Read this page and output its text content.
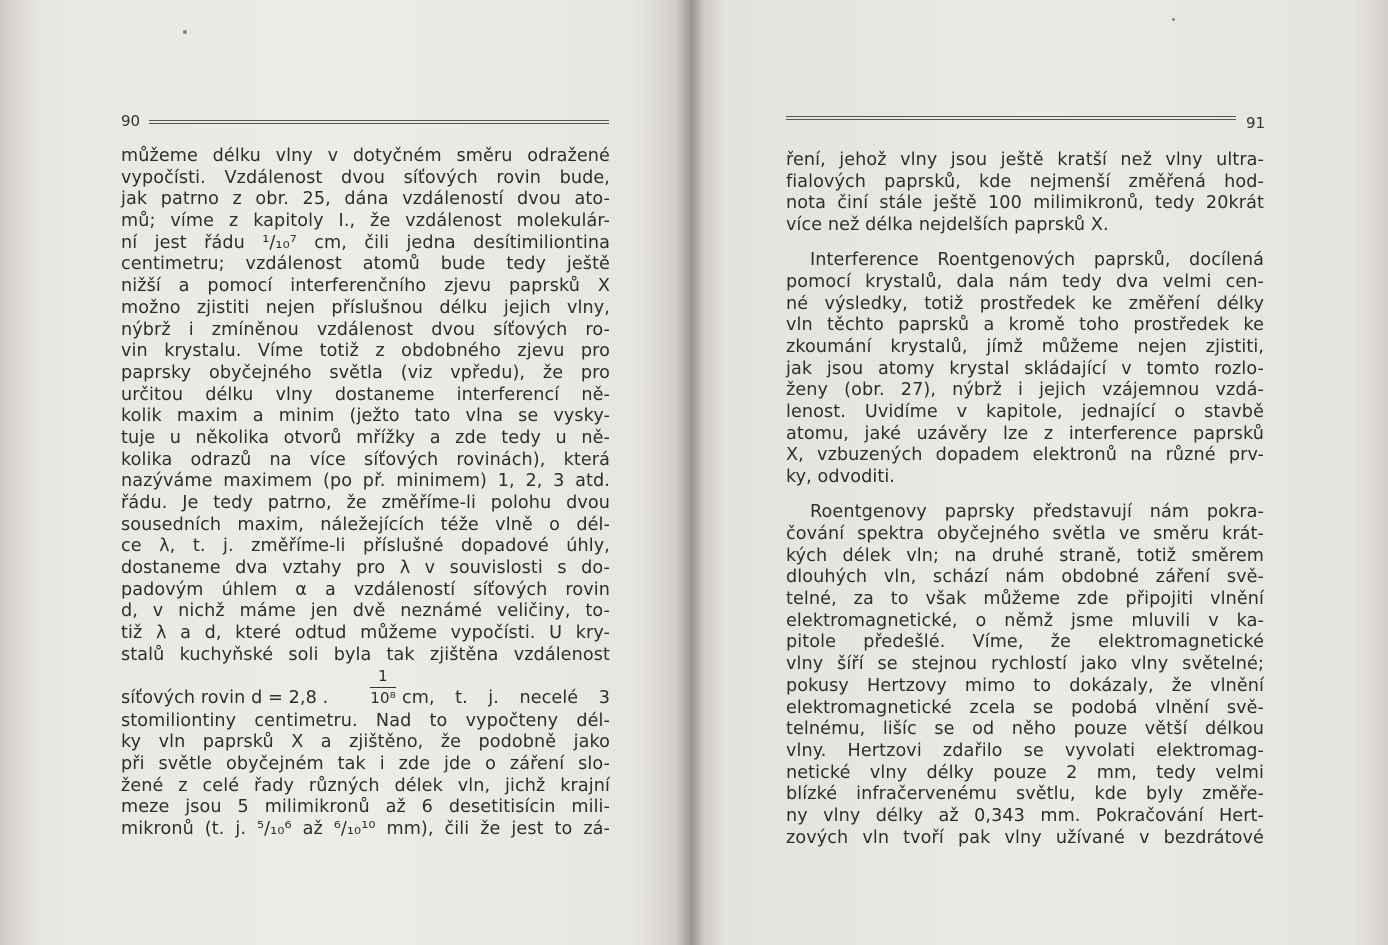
90	91
můžeme délku vlny v dotyčném směru odražené
vypočísti. Vzdálenost dvou síťových rovin bude,
jak patrno z obr. 25, dána vzdáleností dvou ato-
mů; víme z kapitoly I., že vzdálenost molekulár-
ní jest řádu ¹/₁₀⁷ cm, čili jedna desítimiliontina
centimetru; vzdálenost atomů bude tedy ještě
nižší a pomocí interferenčního zjevu paprsků X
možno zjistiti nejen příslušnou délku jejich vlny,
nýbrž i zmíněnou vzdálenost dvou síťových ro-
vin krystalu. Víme totiž z obdobného zjevu pro
paprsky obyčejného světla (viz vpředu), že pro
určitou délku vlny dostaneme interferencí ně-
kolik maxim a minim (ježto tato vlna se vysky-
tuje u několika otvorů mřížky a zde tedy u ně-
kolika odrazů na více síťových rovinách), která
nazýváme maximem (po př. minimem) 1, 2, 3 atd.
řádu. Je tedy patrno, že změříme-li polohu dvou
sousedních maxim, náležejících téže vlně o dél-
ce λ, t. j. změříme-li příslušné dopadové úhly,
dostaneme dva vztahy pro λ v souvislosti s do-
padovým úhlem α a vzdáleností síťových rovin
d, v nichž máme jen dvě neznámé veličiny, to-
tiž λ a d, které odtud můžeme vypočísti. U kry-
stalů kuchyňské soli byla tak zjištěna vzdálenost
síťových rovin d = 2,8 .
1
10⁸ cm, t. j. necelé 3
stomiliontiny centimetru. Nad to vypočteny dél-
ky vln paprsků X a zjištěno, že podobně jako
při světle obyčejném tak i zde jde o záření slo-
žené z celé řady různých délek vln, jichž krajní
meze jsou 5 milimikronů až 6 desetitisícin mili-
mikronů (t. j. ⁵/₁₀⁶ až ⁶/₁₀¹⁰ mm), čili že jest to zá-
ření, jehož vlny jsou ještě kratší než vlny ultra-
fialových paprsků, kde nejmenší změřená hod-
nota činí stále ještě 100 milimikronů, tedy 20krát
více než délka nejdelších paprsků X.
Interference Roentgenových paprsků, docílená
pomocí krystalů, dala nám tedy dva velmi cen-
né výsledky, totiž prostředek ke změření délky
vln těchto paprsků a kromě toho prostředek ke
zkoumání krystalů, jímž můžeme nejen zjistiti,
jak jsou atomy krystal skládající v tomto rozlo-
ženy (obr. 27), nýbrž i jejich vzájemnou vzdá-
lenost. Uvidíme v kapitole, jednající o stavbě
atomu, jaké uzávěry lze z interference paprsků
X, vzbuzených dopadem elektronů na různé prv-
ky, odvoditi.
Roentgenovy paprsky představují nám pokra-
čování spektra obyčejného světla ve směru krát-
kých délek vln; na druhé straně, totiž směrem
dlouhých vln, schází nám obdobné záření svě-
telné, za to však můžeme zde připojiti vlnění
elektromagnetické, o němž jsme mluvili v ka-
pitole předešlé. Víme, že elektromagnetické
vlny šíří se stejnou rychlostí jako vlny světelné;
pokusy Hertzovy mimo to dokázaly, že vlnění
elektromagnetické zcela se podobá vlnění svě-
telnému, lišíc se od něho pouze větší délkou
vlny. Hertzovi zdařilo se vyvolati elektromag-
netické vlny délky pouze 2 mm, tedy velmi
blízké infračervenému světlu, kde byly změře-
ny vlny délky až 0,343 mm. Pokračování Hert-
zových vln tvoří pak vlny užívané v bezdrátové
